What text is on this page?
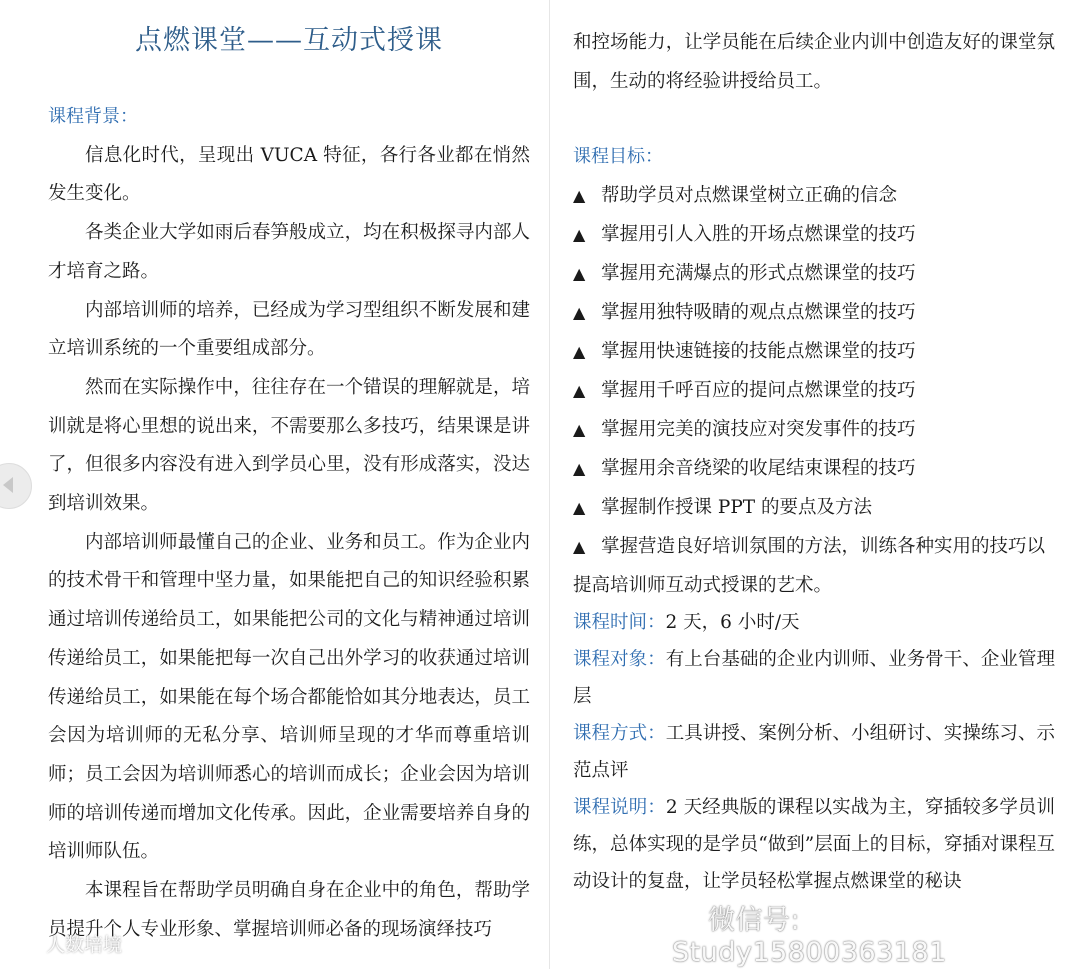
点燃课堂——互动式授课
课程背景：

信息化时代，呈现出 VUCA 特征，各行各业都在悄然发生变化。

各类企业大学如雨后春笋般成立，均在积极探寻内部人才培育之路。

内部培训师的培养，已经成为学习型组织不断发展和建立培训系统的一个重要组成部分。

然而在实际操作中，往往存在一个错误的理解就是，培训就是将心里想的说出来，不需要那么多技巧，结果课是讲了，但很多内容没有进入到学员心里，没有形成落实，没达到培训效果。

内部培训师最懂自己的企业、业务和员工。作为企业内的技术骨干和管理中坚力量，如果能把自己的知识经验积累通过培训传递给员工，如果能把公司的文化与精神通过培训传递给员工，如果能把每一次自己出外学习的收获通过培训传递给员工，如果能在每个场合都能恰如其分地表达，员工会因为培训师的无私分享、培训师呈现的才华而尊重培训师；员工会因为培训师悉心的培训而成长；企业会因为培训师的培训传递而增加文化传承。因此，企业需要培养自身的培训师队伍。

本课程旨在帮助学员明确自身在企业中的角色，帮助学员提升个人专业形象、掌握培训师必备的现场演绎技巧

和控场能力，让学员能在后续企业内训中创造友好的课堂氛围，生动的将经验讲授给员工。

课程目标：
▲ 帮助学员对点燃课堂树立正确的信念
▲ 掌握用引人入胜的开场点燃课堂的技巧
▲ 掌握用充满爆点的形式点燃课堂的技巧
▲ 掌握用独特吸睛的观点点燃课堂的技巧
▲ 掌握用快速链接的技能点燃课堂的技巧
▲ 掌握用千呼百应的提问点燃课堂的技巧
▲ 掌握用完美的演技应对突发事件的技巧
▲ 掌握用余音绕梁的收尾结束课程的技巧
▲ 掌握制作授课 PPT 的要点及方法
▲ 掌握营造良好培训氛围的方法，训练各种实用的技巧以提高培训师互动式授课的艺术。

课程时间：2 天，6 小时/天

课程对象：有上台基础的企业内训师、业务骨干、企业管理层

课程方式：工具讲授、案例分析、小组研讨、实操练习、示范点评

课程说明：2 天经典版的课程以实战为主，穿插较多学员训练，总体实现的是学员“做到”层面上的目标，穿插对课程互动设计的复盘，让学员轻松掌握点燃课堂的秘诀

微信号: Study15800363181
人数培境
